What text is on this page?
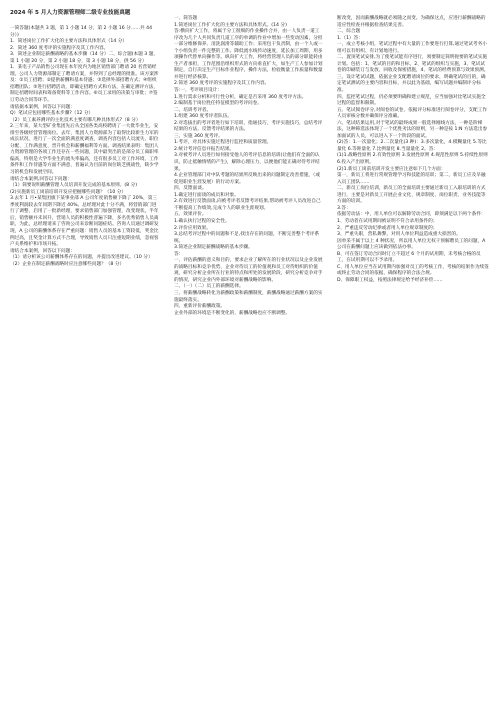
2024 年 5 月人力资源管理师二级专业技能真题

一简答题(本题共 3 题，第 1 小题 14 分，第 2 小题 16 分……共 44 分）)

1．简述岗位工作扩大化的主要方法和具体形式（14 分）

2．简述 360 度考评的实施程序及其工作内容。

3．简述企业制定薪酬战略的基本步骤（14 分）二、综合题(本题 3 题，第 1 小题 20 分，第 2 小题 18 分，第 3 小题 18 分，供 56 分）

1．某电子产品销售公司现在本年度内为地区销售部门聘请 20 名营销经理。公司人力资源部制定了聘请方案，并得到了总经理的批准。该方案涉及：①员工招聘；②提供薪酬和基本待遇；③选择外部招聘方式；④组织招聘团队；⑤进行招聘活动，即确定招聘方式和方法，在确定测评方法，制定招聘时间表和筹备资料等工作内容。⑥员工录用的决策与审批；⑦签订劳动合同等环节。

请依据本案例，回答以下问题：

Q）笔试应包括哪些基本步骤?（12 分）

（2）员工素养测评的主化技术主要有哪几种具体形式?（8 分）

2.三年来，某大型矿业集团先后从全国各类高校聘请了一大批毕业生，安排至各级经营管理岗位。去年，集团人力资源部为了取得比较新生力军的成长状况，进行了一次全面的满意度调查，调查内容包括人员流失、职位分配、工作满意度、晋升机会和薪酬福利等方面。调查结果表明：集团人力资源管理的各项工作还存在一些问题，其中最突出的是部分员工离职率偏高，特别是大学毕业生的流失率偏高，还有很多员工对工作环境、工作条件和工作待遇等方面不满意，普遍认为目前的岗位缺乏挑战性，缺少学习的机会和发展空间。

请结合本案例,回答以下问题：

（1）简要说明薪酬管理人员培训开发完成的基本原则。(8 分)

(2)实施新员工岗前培训开发应把握哪些问题？（10 分）

3.去年 1 月•某集团旗下某事业部 A 公司年度销售额下降了 20%，第三季度利润较去年同期下降近 40%。总经理对此十分不满，将营销部门进行了调整，启用了一批新经理，要求销售部门加强管理，改变现状。半年后，销售额并未回升，营销人员的积极性普遍下降，多名优秀销售人员离职，为此，总经理请来了咨询公司来诊断问题症结。咨询人员通过调研发现，A 公司的薪酬体系存在严重问题：销售人员的基本工资较低，奖金比例过高，且奖金计算方式不合理，导致销售人员只注重短期业绩，忽视客户关系维护和市场开拓。

请结合本案例，回答以下问题：

（1）请分析该公司薪酬体系存在的问题，并提出改进建议。（10 分）

（2）企业在制定薪酬战略时应注意哪些问题？（8 分）

一、简答题

1.简述岗位工作扩大化的主要方法和具体形式。(14 分)

答:横向扩大工作，将属于分工很细的作业操作合并，由一人负责一道工序改为几个人共同负责几道工序的单调的作业中增加一些变动因素，分担一部分维修保养、清洗润滑等辅助工作；采用包干负责制，由一个人或一个小组负责一件完整的工作。降低流水线传动速度，延长加工周期，用多项操作代替单向操作等。纵向扩大工作，将经营管理人员的部分职能转由生产者承担，工作范围沿组织形式的方向垂直扩大，如生产工人参加计划制定，自行决定生产目标作业程序，操作方法，检验衡量工作质量和数量并进行经济核算。

2.简述 360 度考评的实施程序及其工作内容。

答:一、考评项目设计：

1.进行需求分析和可行性分析，确定是否采用 360 度考评方法。

2.编制基于岗位胜任特征模型的考评问卷。

二、培训考评者。

1.组建 360 度考评者队伍。

2.对选拔出的考评者进行如下培训，指通技巧，考评实施技巧，总结考评结果的方法，反馈考评结果的方法。

三、实施 360 度考评。

1.考评，对具体实施过程进行监控和质量管理。

2.统计考评信息并报告结果。

3.对被考评人员进行如何接受他人的考评信息的培训(让他们有全面的认识，防止抵触情绪的产生)，解除心理压力，以便他们能正确对待考评结果。

4.企业管理部门对中队考题的结果所反映出来的问题制定改善措施，（或促进职业生涯发展）的行动方案。

四、反馈面谈。

1.确定进行面谈的成员和对象。

2.有效进行反馈面谈,向被考评者反馈考评结果,帮助被考评人员改进自己不断提高工作绩效,完成个人的职业生涯规划。

五、效果评价。

1.确认执行过程的安全性。

2.评价应用效果。

3.总结考评过程中的问题和不足,找出存在的问题，不断完善整个考评系统。

3.简述企业制定薪酬战略的基本步骤。

答:

一、评估薪酬的意义和目的，要求企业了解所在的行业状况以及企业发展的战略目标和竞争优势，企业对待员工的价值观和员工对待组织的价值观，研究分析企业所在行业的特点和所处的发展阶段，研究分析竞争对手的情况，研究企业内外部环境对薪酬战略的影响。

二、（一）（二）员工的薪酬选择。

三、将薪酬战略转化为薪酬政策和薪酬制度，薪酬战略通过薪酬方案的实施最终落实。

四、重新评价薪酬政策。

企业外部的环境是不断变化的，薪酬战略也应不断调整。

断改变，因而薪酬战略就必须随之而变。为确保这点，应进行薪酬战略的适应性检查并根据检查结果完善。

二、综合题

1.（1）答：

一、成立考核小组，笔试过程中有大量的工作要进行打算,通过笔试考务小组可以有组织、有计划地进行。

二、置顶笔试安排,为了使笔试能有序进行，须要制定简明扼要的笔试实施计划。包括：1、笔试的目的和目标，2、笔试的组织与实施，3、笔试试卷的印刷装订与发放、回收及保密措施，4、笔试的经费预算与效果预测。

三、设计笔试试题，依据企业支配聘请岗位的要求，明确笔试的目的，确定笔试测试的主要内容和目标，并以此为基础，编写试题并编制评分标准。

四、监控笔试过程，仍必须要明确和建立规范，应当加强对比笔试实施全过程的监督和限制。

五、笔试阅卷评分,对阅卷的试卷，依据评分标准进行阅卷评分，支配工作人员审核分数并确保评分准确。

六、笔试结果运用,对于笔试的最终成果一般选择刚线方法，一种是阶梯法，这种筛选法体现了一个优胜劣汰的原则，另一种是按 1:N 方法选出参加面试的人员，可以进入下一个阶段的面试。

(2)答：1.一次量化；2.二次量化(3 种)：3.多次量化，4.模糊量化 5.等比量化 6.等距量化 7.比例量化 8.当量量化 2。答：

(1)1.战略性原则 2.有效性原则 3.发展性原则 4.规范性原则 5.持续性原则 6.投入产出原则。

(2)1.新员工岗前培训开发主要应注意如下几个方面：

第一，新员工将进行常规管理学习和技能的培训；第二，新员工应及早融入员工团队……

二、新员工岗位培训，新员工的全面培训主要通过新员工入职培训的方式进行，主要是对新员工开展企业文化、规章制度、岗位职责、业务技能等方面的培训。

3.答：

依据劳动法：中，用人单位可以解除劳动合同，即须满足以下两个条件：

1、劳动者在试用期间被证明不符合录用条件的；

2、严重违反劳动纪律或者用人单位规章制度的；

3、严重失职，营私舞弊，对用人单位利益造成重大损害的。

因单采不属于以上 4 种状况，所以用人单位无权干预解聘员工的问题，A 公司在薪酬问题上应该做到依法办事。

B、可在签订劳动合同时订立不超过 6 个月的试用期，未考核合格的员工，在试用期可以不予录用。

C、用人单位应当在试用期内加强对员工的考核工作，考核的结果作为续签或终止劳动合同的依据，确保程序的合法合规。

D、保障职工权益，按照法律规定给予经济补偿……
